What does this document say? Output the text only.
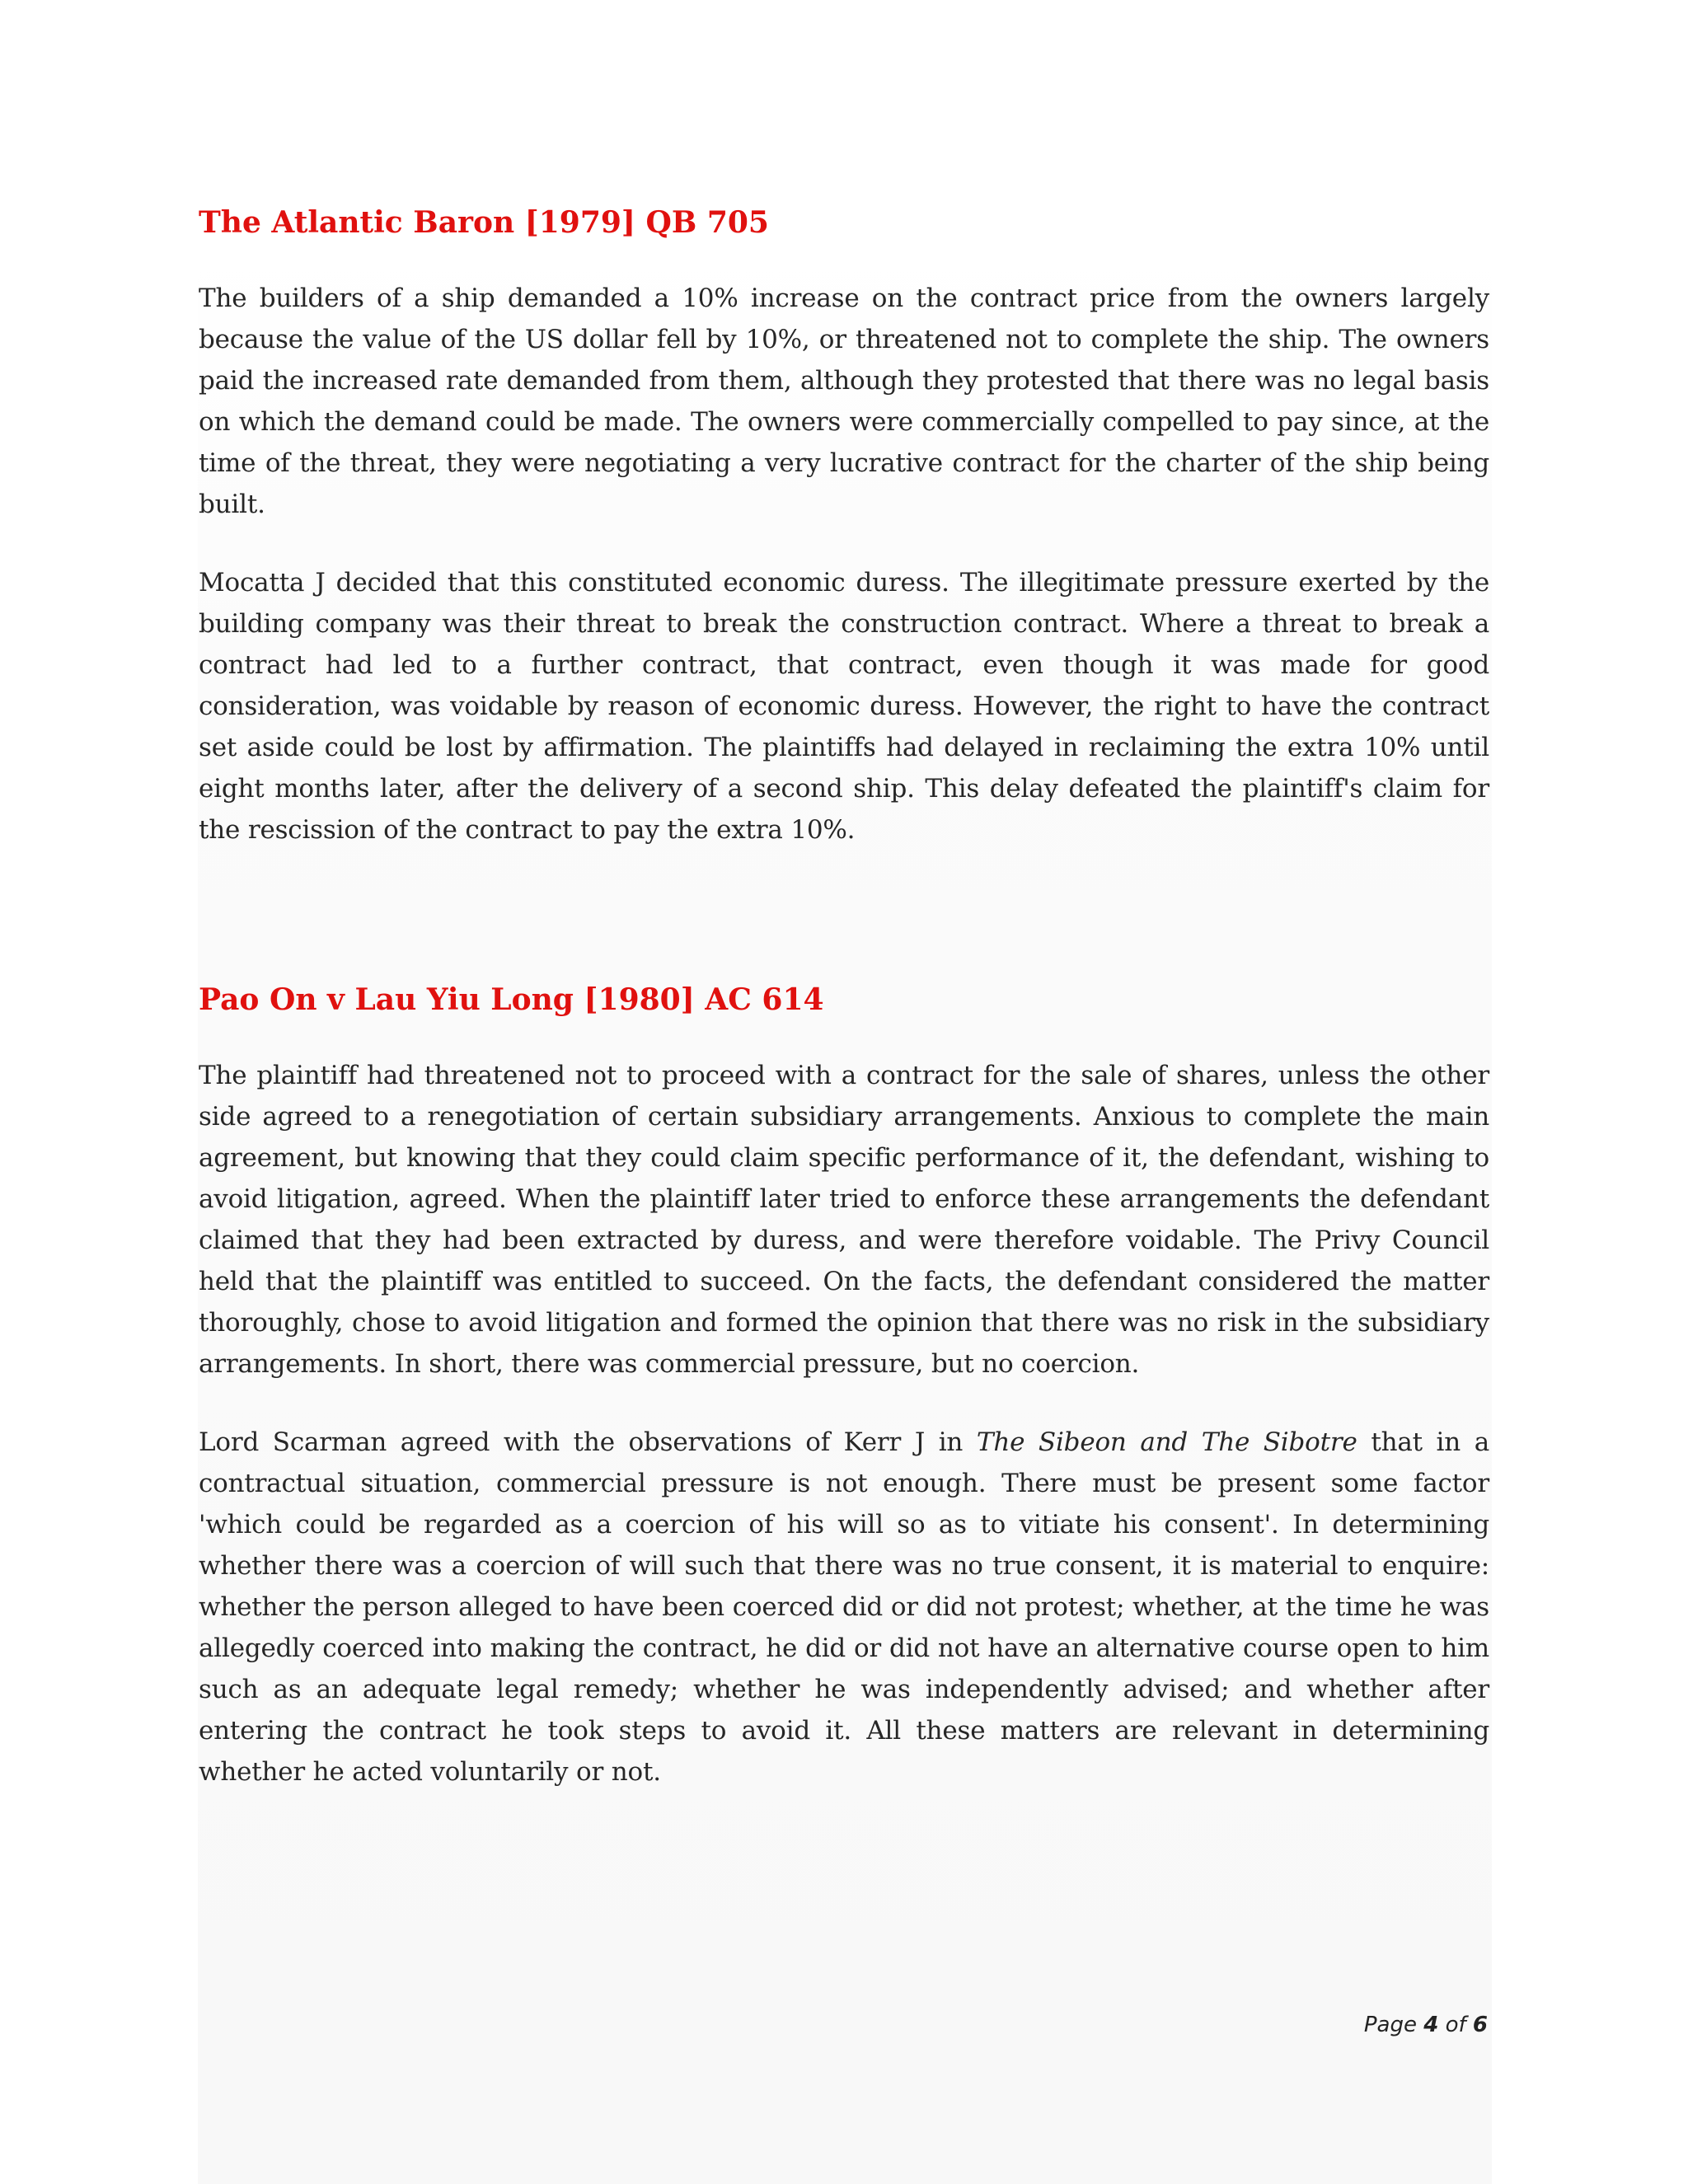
The Atlantic Baron [1979] QB 705

The builders of a ship demanded a 10% increase on the contract price from the owners largely because the value of the US dollar fell by 10%, or threatened not to complete the ship. The owners paid the increased rate demanded from them, although they protested that there was no legal basis on which the demand could be made. The owners were commercially compelled to pay since, at the time of the threat, they were negotiating a very lucrative contract for the charter of the ship being built.

Mocatta J decided that this constituted economic duress. The illegitimate pressure exerted by the building company was their threat to break the construction contract. Where a threat to break a contract had led to a further contract, that contract, even though it was made for good consideration, was voidable by reason of economic duress. However, the right to have the contract set aside could be lost by affirmation. The plaintiffs had delayed in reclaiming the extra 10% until eight months later, after the delivery of a second ship. This delay defeated the plaintiff's claim for the rescission of the contract to pay the extra 10%.

Pao On v Lau Yiu Long [1980] AC 614

The plaintiff had threatened not to proceed with a contract for the sale of shares, unless the other side agreed to a renegotiation of certain subsidiary arrangements. Anxious to complete the main agreement, but knowing that they could claim specific performance of it, the defendant, wishing to avoid litigation, agreed. When the plaintiff later tried to enforce these arrangements the defendant claimed that they had been extracted by duress, and were therefore voidable. The Privy Council held that the plaintiff was entitled to succeed. On the facts, the defendant considered the matter thoroughly, chose to avoid litigation and formed the opinion that there was no risk in the subsidiary arrangements. In short, there was commercial pressure, but no coercion.

Lord Scarman agreed with the observations of Kerr J in The Sibeon and The Sibotre that in a contractual situation, commercial pressure is not enough. There must be present some factor 'which could be regarded as a coercion of his will so as to vitiate his consent'. In determining whether there was a coercion of will such that there was no true consent, it is material to enquire: whether the person alleged to have been coerced did or did not protest; whether, at the time he was allegedly coerced into making the contract, he did or did not have an alternative course open to him such as an adequate legal remedy; whether he was independently advised; and whether after entering the contract he took steps to avoid it. All these matters are relevant in determining whether he acted voluntarily or not.

Page 4 of 6
